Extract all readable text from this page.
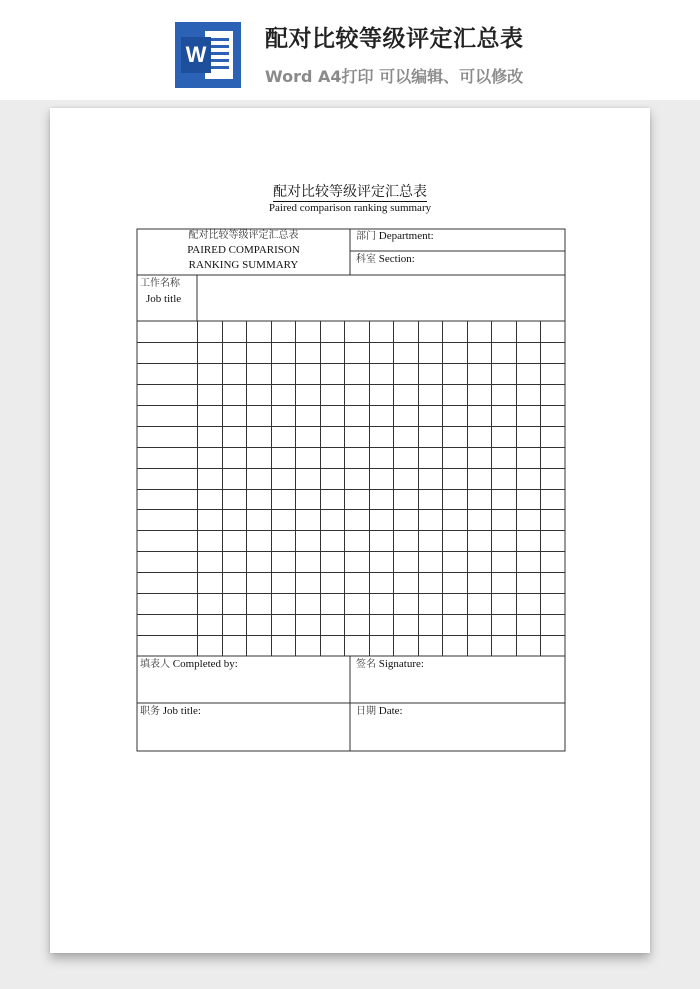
W
配对比较等级评定汇总表
Word A4打印 可以编辑、可以修改
配对比较等级评定汇总表
Paired comparison ranking summary
配对比较等级评定汇总表
PAIRED COMPARISON
RANKING SUMMARY
部门 Department:
科室 Section:
工作名称
Job title
填表人 Completed by:	签名 Signature:
职务 Job title:	日期 Date:
